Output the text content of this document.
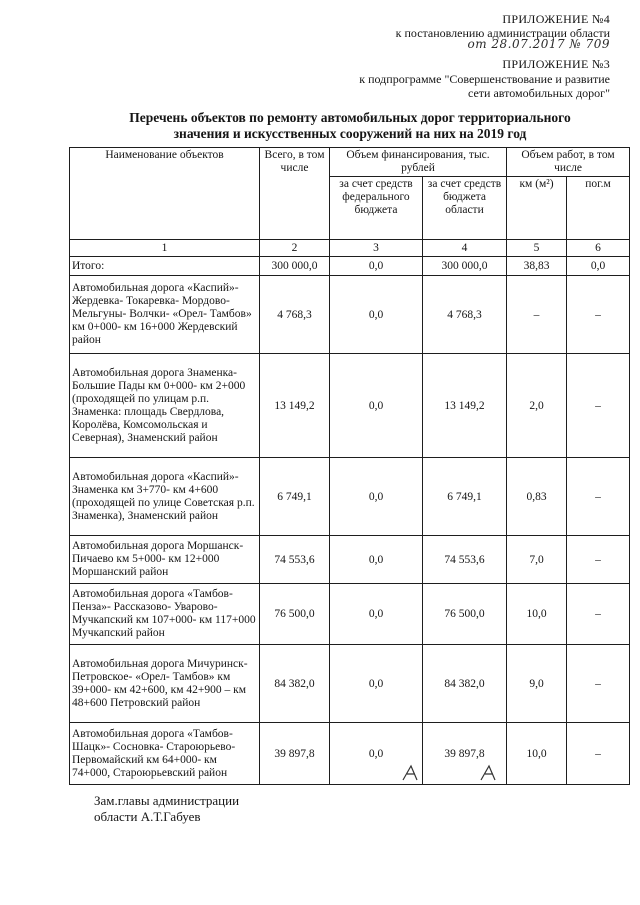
ПРИЛОЖЕНИЕ №4
к постановлению администрации области
от 28.07.2017 № 709
ПРИЛОЖЕНИЕ №3
к подпрограмме "Совершенствование и развитие
сети автомобильных дорог"
Перечень объектов по ремонту автомобильных дорог территориального
значения и искусственных сооружений на них на 2019 год
Наименование объектов	Всего, в том числе	Объем финансирования, тыс. рублей		Объем работ, в том числе	
		за счет средств федерального бюджета	за счет средств бюджета области	км (м²)	пог.м
1	2	3	4	5	6
Итого:	300 000,0	0,0	300 000,0	38,83	0,0
Автомобильная дорога «Каспий»- Жердевка- Токаревка- Мордово- Мельгуны- Волчки- «Орел- Тамбов» км 0+000- км 16+000 Жердевский район	4 768,3	0,0	4 768,3	–	–
Автомобильная дорога Знаменка- Большие Пады км 0+000- км 2+000 (проходящей по улицам р.п. Знаменка: площадь Свердлова, Королёва, Комсомольская и Северная), Знаменский район	13 149,2	0,0	13 149,2	2,0	–
Автомобильная дорога «Каспий»- Знаменка км 3+770- км 4+600 (проходящей по улице Советская р.п. Знаменка), Знаменский район	6 749,1	0,0	6 749,1	0,83	–
Автомобильная дорога Моршанск- Пичаево км 5+000- км 12+000 Моршанский район	74 553,6	0,0	74 553,6	7,0	–
Автомобильная дорога «Тамбов- Пенза»- Рассказово- Уварово- Мучкапский км 107+000- км 117+000 Мучкапский район	76 500,0	0,0	76 500,0	10,0	–
Автомобильная дорога Мичуринск- Петровское- «Орел- Тамбов» км 39+000- км 42+600, км 42+900 – км 48+600 Петровский район	84 382,0	0,0	84 382,0	9,0	–
Автомобильная дорога «Тамбов- Шацк»- Сосновка- Староюрьево- Первомайский км 64+000- км 74+000, Староюрьевский район	39 897,8	0,0	39 897,8	10,0	–
Зам.главы администрации
области А.Т.Габуев
